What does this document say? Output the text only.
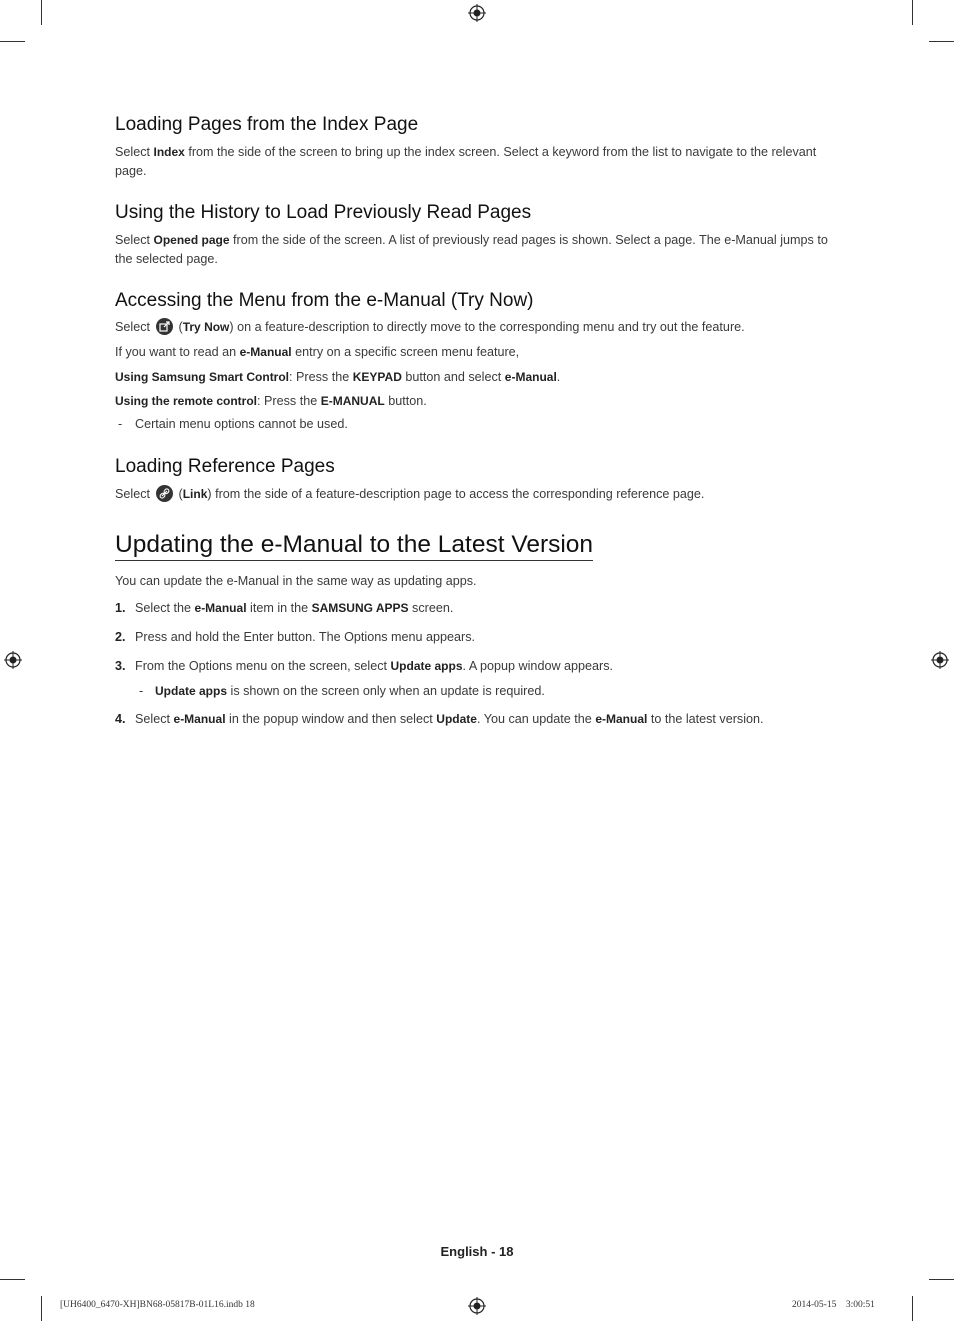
Loading Pages from the Index Page

Select Index from the side of the screen to bring up the index screen. Select a keyword from the list to navigate to the relevant page.

Using the History to Load Previously Read Pages

Select Opened page from the side of the screen. A list of previously read pages is shown. Select a page. The e-Manual jumps to the selected page.

Accessing the Menu from the e-Manual (Try Now)

Select
(Try Now) on a feature-description to directly move to the corresponding menu and try out the feature.

If you want to read an e-Manual entry on a specific screen menu feature,

Using Samsung Smart Control: Press the KEYPAD button and select e-Manual.

Using the remote control: Press the E-MANUAL button.

- Certain menu options cannot be used.
Loading Reference Pages

Select
(Link) from the side of a feature-description page to access the corresponding reference page.

Updating the e-Manual to the Latest Version

You can update the e-Manual in the same way as updating apps.

1. Select the e-Manual item in the SAMSUNG APPS screen.
2. Press and hold the Enter button. The Options menu appears.
3. From the Options menu on the screen, select Update apps. A popup window appears.
- Update apps is shown on the screen only when an update is required.
4. Select e-Manual in the popup window and then select Update. You can update the e-Manual to the latest version.
English - 18
[UH6400_6470-XH]BN68-05817B-01L16.indb 18	2014-05-15    3:00:51
